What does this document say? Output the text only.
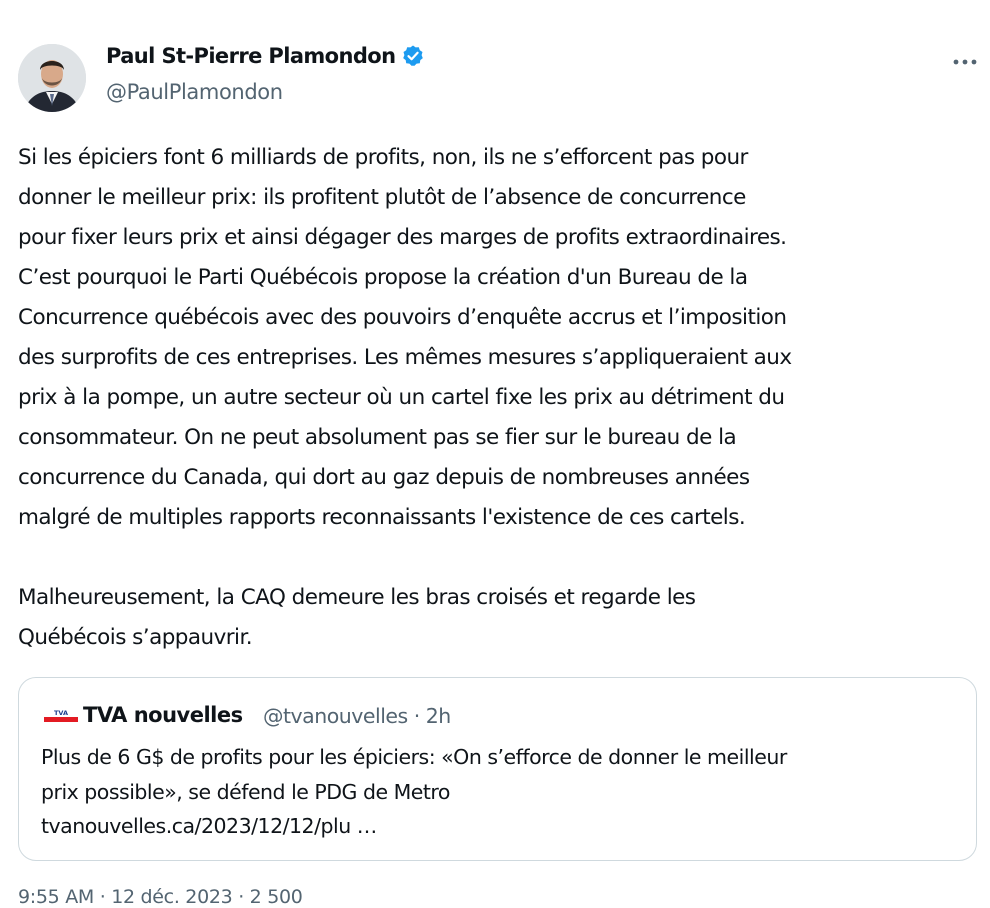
Paul St-Pierre Plamondon
@PaulPlamondon

Si les épiciers font 6 milliards de profits, non, ils ne s’efforcent pas pour

donner le meilleur prix: ils profitent plutôt de l’absence de concurrence

pour fixer leurs prix et ainsi dégager des marges de profits extraordinaires.

C’est pourquoi le Parti Québécois propose la création d'un Bureau de la

Concurrence québécois avec des pouvoirs d’enquête accrus et l’imposition

des surprofits de ces entreprises. Les mêmes mesures s’appliqueraient aux

prix à la pompe, un autre secteur où un cartel fixe les prix au détriment du

consommateur. On ne peut absolument pas se fier sur le bureau de la

concurrence du Canada, qui dort au gaz depuis de nombreuses années

malgré de multiples rapports reconnaissants l'existence de ces cartels.

Malheureusement, la CAQ demeure les bras croisés et regarde les

Québécois s’appauvrir.

TVA TVA nouvelles @tvanouvelles · 2h
Plus de 6 G$ de profits pour les épiciers: «On s’efforce de donner le meilleur
prix possible», se défend le PDG de Metro
tvanouvelles.ca/2023/12/12/plu …
9:55 AM · 12 déc. 2023 · 2 500
